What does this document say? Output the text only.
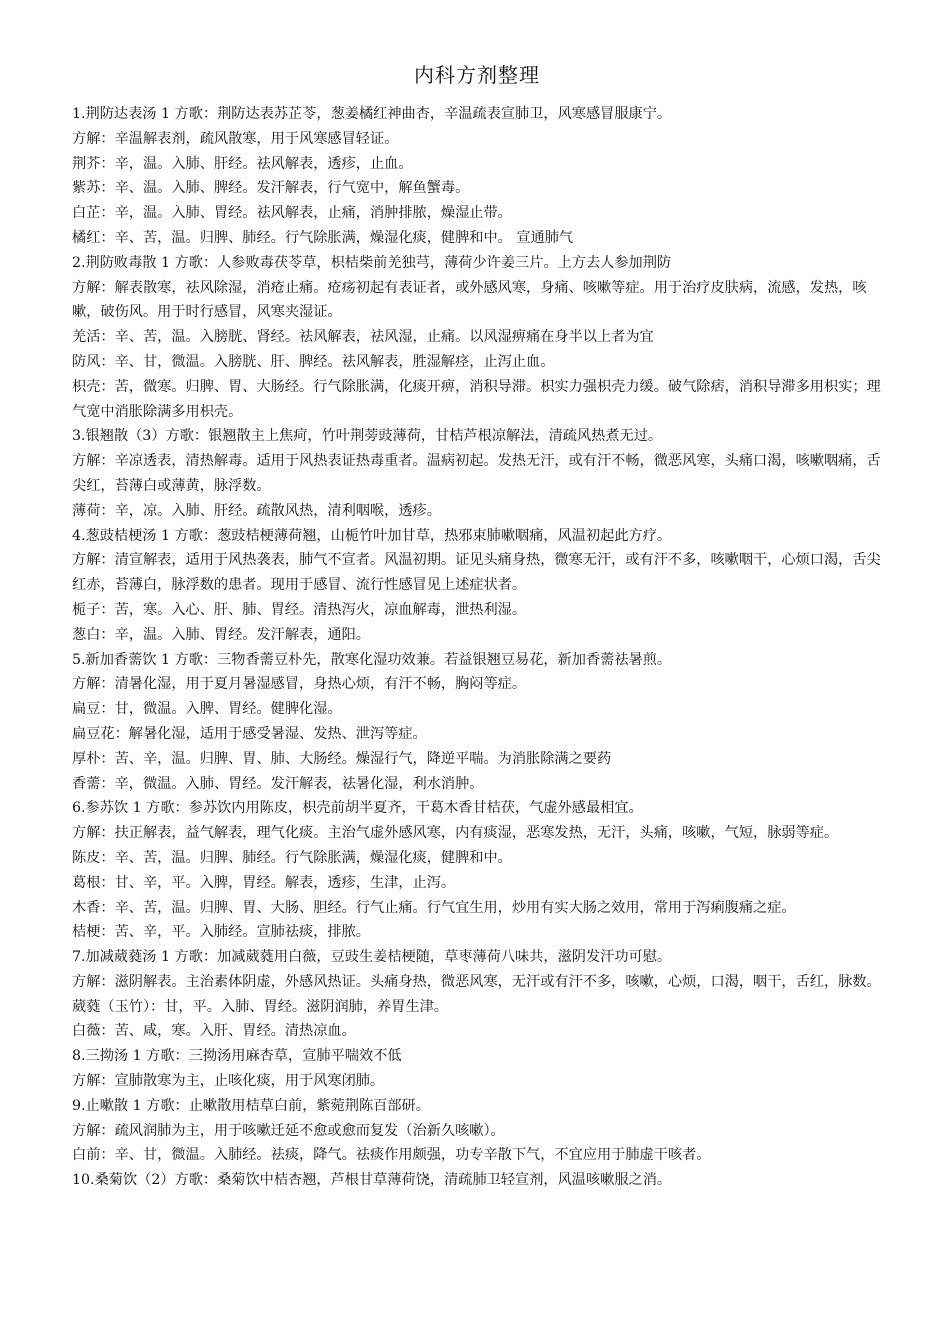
内科方剂整理

1.荆防达表汤 1 方歌：荆防达表苏芷苓，葱姜橘红神曲杏，辛温疏表宣肺卫，风寒感冒服康宁。

方解：辛温解表剂，疏风散寒，用于风寒感冒轻证。

荆芥：辛，温。入肺、肝经。祛风解表，透疹，止血。

紫苏：辛、温。入肺、脾经。发汗解表，行气宽中，解鱼蟹毒。

白芷：辛，温。入肺、胃经。祛风解表，止痛，消肿排脓，燥湿止带。

橘红：辛、苦，温。归脾、肺经。行气除胀满，燥湿化痰，健脾和中。 宣通肺气

2.荆防败毒散 1 方歌：人参败毒茯苓草，枳桔柴前羌独芎，薄荷少许姜三片。上方去人参加荆防

方解：解表散寒，祛风除湿，消疮止痛。疮疡初起有表证者，或外感风寒，身痛、咳嗽等症。用于治疗皮肤病，流感，发热，咳嗽，破伤风。用于时行感冒，风寒夹湿证。

羌活：辛、苦，温。入膀胱、肾经。祛风解表，祛风湿，止痛。以风湿痹痛在身半以上者为宜

防风：辛、甘，微温。入膀胱、肝、脾经。祛风解表，胜湿解痉，止泻止血。

枳壳：苦，微寒。归脾、胃、大肠经。行气除胀满，化痰开痹，消积导滞。枳实力强枳壳力缓。破气除痞，消积导滞多用枳实；理气宽中消胀除满多用枳壳。

3.银翘散（3）方歌：银翘散主上焦疴，竹叶荆蒡豉薄荷，甘桔芦根凉解法，清疏风热煮无过。

方解：辛凉透表，清热解毒。适用于风热表证热毒重者。温病初起。发热无汗，或有汗不畅，微恶风寒，头痛口渴，咳嗽咽痛，舌尖红，苔薄白或薄黄，脉浮数。

薄荷：辛，凉。入肺、肝经。疏散风热，清利咽喉，透疹。

4.葱豉桔梗汤 1 方歌：葱豉桔梗薄荷翘，山栀竹叶加甘草，热邪束肺嗽咽痛，风温初起此方疗。

方解：清宣解表，适用于风热袭表，肺气不宣者。风温初期。证见头痛身热，微寒无汗，或有汗不多，咳嗽咽干，心烦口渴，舌尖红赤，苔薄白，脉浮数的患者。现用于感冒、流行性感冒见上述症状者。

栀子：苦，寒。入心、肝、肺、胃经。清热泻火，凉血解毒，泄热利湿。

葱白：辛，温。入肺、胃经。发汗解表，通阳。

5.新加香薷饮 1 方歌：三物香薷豆朴先，散寒化湿功效兼。若益银翘豆易花，新加香薷祛暑煎。

方解：清暑化湿，用于夏月暑湿感冒，身热心烦，有汗不畅，胸闷等症。

扁豆：甘，微温。入脾、胃经。健脾化湿。

扁豆花：解暑化湿，适用于感受暑湿、发热、泄泻等症。

厚朴：苦、辛，温。归脾、胃、肺、大肠经。燥湿行气，降逆平喘。为消胀除满之要药

香薷：辛，微温。入肺、胃经。发汗解表，祛暑化湿，利水消肿。

6.参苏饮 1 方歌：参苏饮内用陈皮，枳壳前胡半夏齐，干葛木香甘桔茯，气虚外感最相宜。

方解：扶正解表，益气解表，理气化痰。主治气虚外感风寒，内有痰湿，恶寒发热，无汗，头痛，咳嗽，气短，脉弱等症。

陈皮：辛、苦，温。归脾、肺经。行气除胀满，燥湿化痰，健脾和中。

葛根：甘、辛，平。入脾，胃经。解表，透疹，生津，止泻。

木香：辛、苦，温。归脾、胃、大肠、胆经。行气止痛。行气宜生用，炒用有实大肠之效用，常用于泻痢腹痛之症。

桔梗：苦、辛，平。入肺经。宣肺祛痰，排脓。

7.加减葳蕤汤 1 方歌：加减葳蕤用白薇，豆豉生姜桔梗随，草枣薄荷八味共，滋阴发汗功可慰。

方解：滋阴解表。主治素体阴虚，外感风热证。头痛身热，微恶风寒，无汗或有汗不多，咳嗽，心烦，口渴，咽干，舌红，脉数。

葳蕤（玉竹）：甘，平。入肺、胃经。滋阴润肺，养胃生津。

白薇：苦、咸，寒。入肝、胃经。清热凉血。

8.三拗汤 1 方歌：三拗汤用麻杏草，宣肺平喘效不低

方解：宣肺散寒为主，止咳化痰，用于风寒闭肺。

9.止嗽散 1 方歌：止嗽散用桔草白前，紫菀荆陈百部研。

方解：疏风润肺为主，用于咳嗽迁延不愈或愈而复发（治新久咳嗽）。

白前：辛、甘，微温。入肺经。祛痰，降气。祛痰作用颇强，功专辛散下气，不宜应用于肺虚干咳者。

10.桑菊饮（2）方歌：桑菊饮中桔杏翘，芦根甘草薄荷饶，清疏肺卫轻宣剂，风温咳嗽服之消。
